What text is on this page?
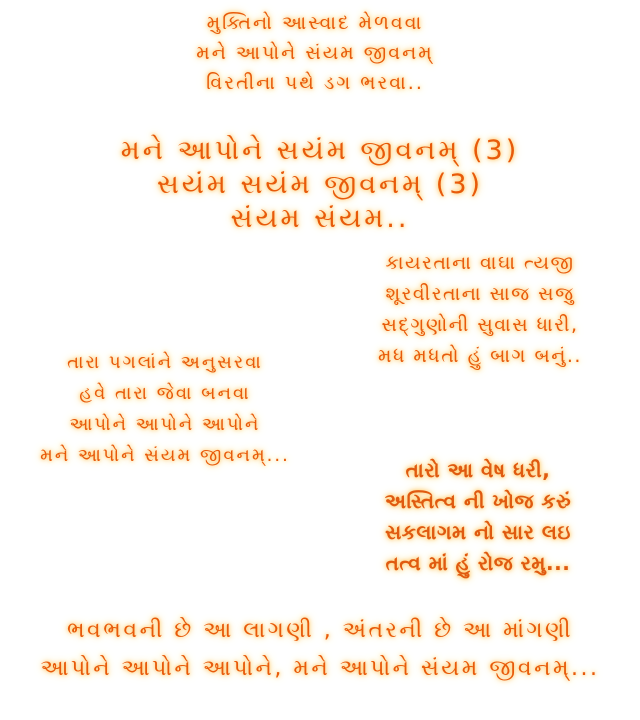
મુક્તિનો આસ્વાદ મેળવવા
મને આપોને સંયમ જીવનમ્
વિરતીના પથે ડગ ભરવા..
મને આપોને સયંમ જીવનમ્ (3)
સયંમ સયંમ જીવનમ્ (3)
સંયમ સંયમ..
કાયરતાના વાઘા ત્યજી
શૂરવીરતાના સાજ સજુ
સદ્ગુણોની સુવાસ ધારી,
મધ મધતો હું બાગ બનું..
તારા પગલાંને અનુસરવા
હવે તારા જેવા બનવા
આપોને આપોને આપોને
મને આપોને સંયમ જીવનમ્...
તારો આ વેષ ધરી,
અસ્તિત્વ ની ખોજ કરું
સકલાગમ નો સાર લઇ
તત્વ માં હું રોજ રમુ...
ભવભવની છે આ લાગણી , અંતરની છે આ માંગણી
આપોને આપોને આપોને, મને આપોને સંયમ જીવનમ્...
